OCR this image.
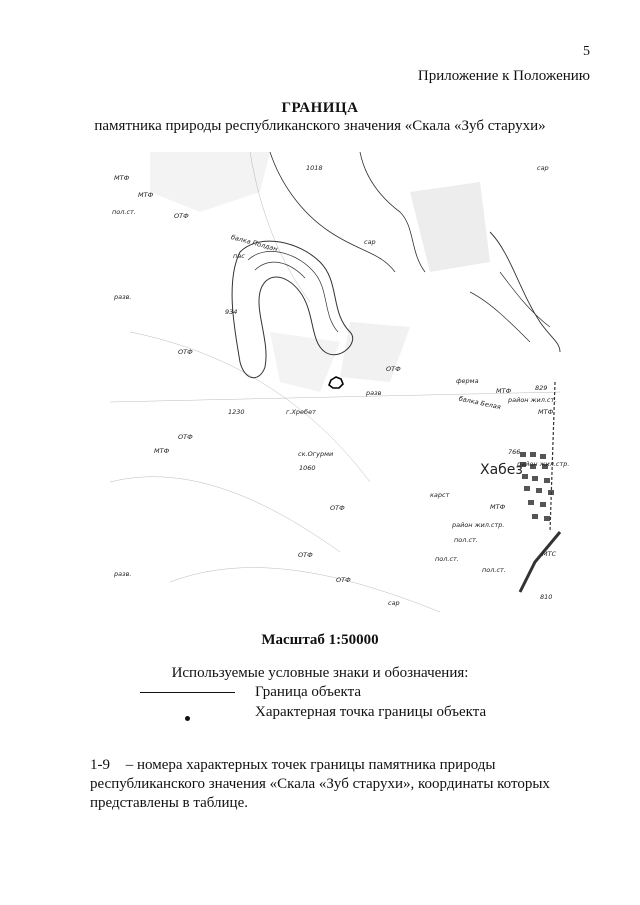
5
Приложение к Положению
ГРАНИЦА
памятника природы республиканского значения «Скала «Зуб старухи»
МТФ
МТФ
пол.ст.	ОТФ
1018	сар
сар
балка Полдан
пас
разв.
934
ОТФ
ОТФ
разв
ферма
МТФ	829
район жил.ст.
балка Белая
МТФ
1230	г.Хребет
ОТФ
МТФ	ск.Огурми
1060	Хабез
766
район жил.стр.
карст
ОТФ	МТФ
район жил.стр.
пол.ст.
пол.ст.
ОТФ
пол.ст.
разв.
ОТФ
сар
МТС
810
Масштаб 1:50000
Используемые условные знаки и обозначения:
Граница объекта
Характерная точка границы объекта
1-9 – номера характерных точек границы памятника природы республиканского значения «Скала «Зуб старухи», координаты которых представлены в таблице.
